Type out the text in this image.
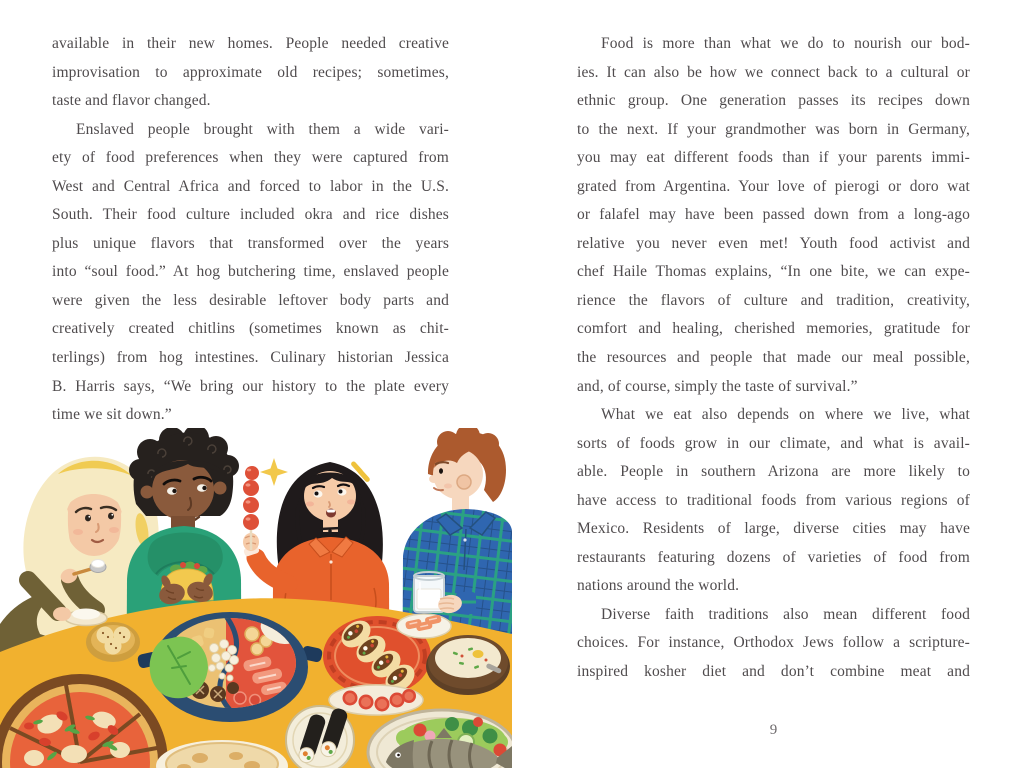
available in their new homes. People needed creative
improvisation to approximate old recipes; sometimes,
taste and flavor changed.
Enslaved people brought with them a wide vari-
ety of food preferences when they were captured from
West and Central Africa and forced to labor in the U.S.
South. Their food culture included okra and rice dishes
plus unique flavors that transformed over the years
into “soul food.” At hog butchering time, enslaved people
were given the less desirable leftover body parts and
creatively created chitlins (sometimes known as chit-
terlings) from hog intestines. Culinary historian Jessica
B. Harris says, “We bring our history to the plate every
time we sit down.”
Food is more than what we do to nourish our bod-
ies. It can also be how we connect back to a cultural or
ethnic group. One generation passes its recipes down
to the next. If your grandmother was born in Germany,
you may eat different foods than if your parents immi-
grated from Argentina. Your love of pierogi or doro wat
or falafel may have been passed down from a long-ago
relative you never even met! Youth food activist and
chef Haile Thomas explains, “In one bite, we can expe-
rience the flavors of culture and tradition, creativity,
comfort and healing, cherished memories, gratitude for
the resources and people that made our meal possible,
and, of course, simply the taste of survival.”
What we eat also depends on where we live, what
sorts of foods grow in our climate, and what is avail-
able. People in southern Arizona are more likely to
have access to traditional foods from various regions of
Mexico. Residents of large, diverse cities may have
restaurants featuring dozens of varieties of food from
nations around the world.
Diverse faith traditions also mean different food
choices. For instance, Orthodox Jews follow a scripture-
inspired kosher diet and don’t combine meat and
9
